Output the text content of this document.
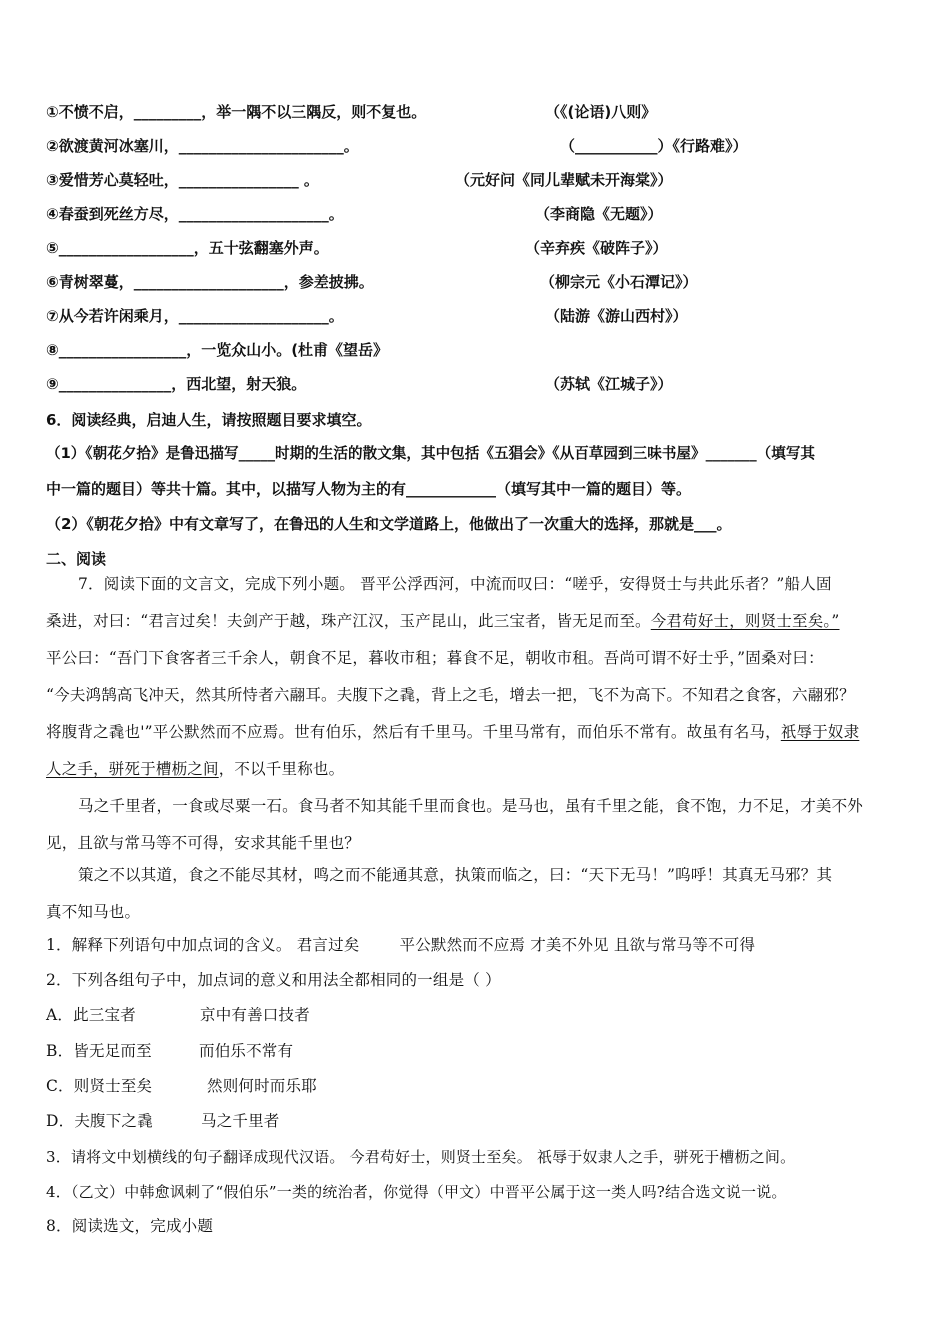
①不愤不启，_________，举一隅不以三隅反，则不复也。	（《(论语)八则》
②欲渡黄河冰塞川，______________________。	（___________）《行路难》）
③爱惜芳心莫轻吐，________________ 。	（元好问《同儿辈赋未开海棠》）
④春蚕到死丝方尽，____________________。	（李商隐《无题》）
⑤__________________，五十弦翻塞外声。	（辛弃疾《破阵子》）
⑥青树翠蔓，____________________，参差披拂。	（柳宗元《小石潭记》）
⑦从今若许闲乘月，____________________。	（陆游《游山西村》）
⑧_________________，一览众山小。(杜甫《望岳》
⑨_______________，西北望，射天狼。	（苏轼《江城子》）
6．阅读经典，启迪人生，请按照题目要求填空。
（1）《朝花夕拾》是鲁迅描写_____时期的生活的散文集，其中包括《五猖会》《从百草园到三味书屋》_______（填写其
中一篇的题目）等共十篇。其中，以描写人物为主的有____________（填写其中一篇的题目）等。
（2）《朝花夕拾》中有文章写了，在鲁迅的人生和文学道路上，他做出了一次重大的选择，那就是___。
二、阅读
7．阅读下面的文言文，完成下列小题。 晋平公浮西河，中流而叹曰：“嗟乎，安得贤士与共此乐者？”船人固
桑进，对曰：“君言过矣！夫剑产于越，珠产江汉，玉产昆山，此三宝者，皆无足而至。今君苟好士，则贤士至矣。”
平公曰：“吾门下食客者三千余人，朝食不足，暮收市租；暮食不足，朝收市租。吾尚可谓不好士乎，”固桑对曰：
“今夫鸿鹄高飞冲天，然其所恃者六翮耳。夫腹下之毳，背上之毛，增去一把，飞不为高下。不知君之食客，六翮邪？
将腹背之毳也'”平公默然而不应焉。世有伯乐，然后有千里马。千里马常有，而伯乐不常有。故虽有名马，祇辱于奴隶
人之手，骈死于槽枥之间，不以千里称也。
马之千里者，一食或尽粟一石。食马者不知其能千里而食也。是马也，虽有千里之能，食不饱，力不足，才美不外
见，且欲与常马等不可得，安求其能千里也？
策之不以其道，食之不能尽其材，鸣之而不能通其意，执策而临之，曰：“天下无马！”呜呼！其真无马邪？其
真不知马也。
1．解释下列语句中加点词的含义。 君言过矣	平公默然而不应焉 才美不外见 且欲与常马等不可得
2．下列各组句子中，加点词的意义和用法全都相同的一组是（ ）
A．此三宝者	京中有善口技者
B．皆无足而至	而伯乐不常有
C．则贤士至矣	然则何时而乐耶
D．夫腹下之毳	马之千里者
3．请将文中划横线的句子翻译成现代汉语。 今君苟好士，则贤士至矣。 祇辱于奴隶人之手，骈死于槽枥之间。
4．（乙文）中韩愈讽刺了“假伯乐”一类的统治者，你觉得（甲文）中晋平公属于这一类人吗?结合选文说一说。
8．阅读选文，完成小题
